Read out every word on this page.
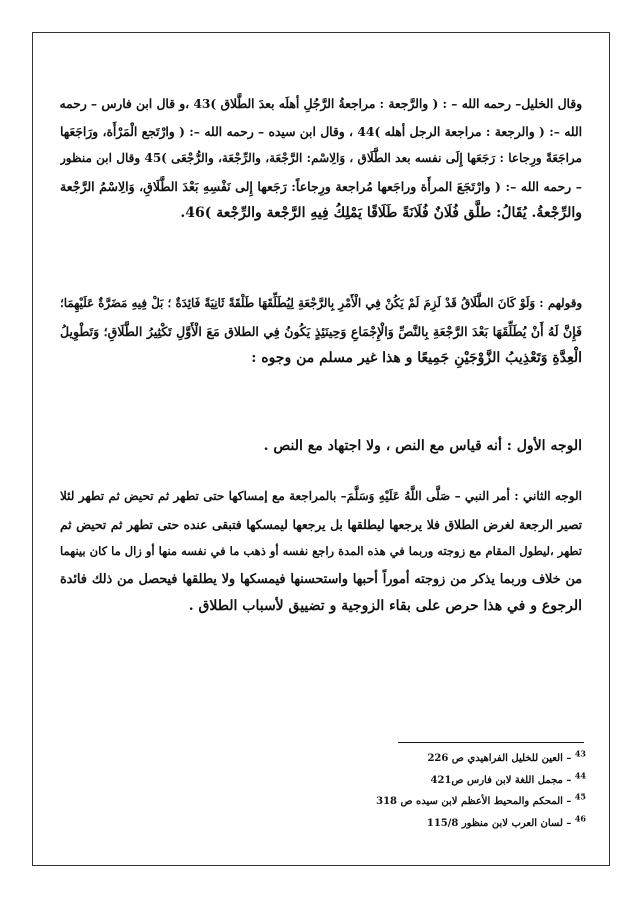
وقال الخليل– رحمه الله – : ( والرَّجعة : مراجعةُ الرَّجُلِ أهلَه بعدَ الطَّلاق )43 ،و قال ابن فارس – رحمه
الله –: ( والرجعة : مراجعة الرجل أهله )44 ، وقال ابن سيده – رحمه الله –: ( وارْتَجع الْمَرْأَة، ورَاجَعَها
مراجَعَةً ورِجاعا : رَجَعَها إِلَى نفسه بعد الطَّلَاق ، وَالِاسْم: الرَّجْعَة، والرِّجْعَة، والرُّجْعَى )45 وقال ابن منظور
– رحمه الله –: ( وارْتَجَعَ المرأَة وراجَعها مُراجعة ورِجاعاً: رَجَعها إِلى نَفْسِهِ بَعْدَ الطَّلَاقِ، وَالِاسْمُ الرَّجْعة
والرِّجْعةُ. يُقَالُ: طلَّق فُلَانٌ فُلَانَةً طَلَاقًا يَمْلِكُ فِيهِ الرَّجْعة والرِّجْعة )46.
وقولهم : وَلَوْ كَانَ الطَّلَاقُ قَدْ لَزِمَ لَمْ يَكُنْ فِي الْأَمْرِ بِالرَّجْعَةِ لِيُطَلِّقَهَا طَلْقَةً ثَانِيَةً فَائِدَةٌ ؛ بَلْ فِيهِ مَضَرَّةٌ عَلَيْهِمَا؛
فَإِنَّ لَهُ أَنْ يُطَلِّقَهَا بَعْدَ الرَّجْعَةِ بِالنَّصِّ وَالْإِجْمَاعِ وَحِينَئِذٍ يَكُونُ فِي الطلاق مَعَ الْأَوَّلِ تَكْثِيرُ الطَّلَاقِ؛ وَتَطْوِيلُ
الْعِدَّةِ وَتَعْذِيبُ الزَّوْجَيْنِ جَمِيعًا و هذا غير مسلم من وجوه :
الوجه الأول : أنه قياس مع النص ، ولا اجتهاد مع النص .
الوجه الثاني : أمر النبي – صَلَّى اللَّهُ عَلَيْهِ وَسَلَّمَ– بالمراجعة مع إمساكها حتى تطهر ثم تحيض ثم تطهر لئلا
تصير الرجعة لغرض الطلاق فلا يرجعها ليطلقها بل يرجعها ليمسكها فتبقى عنده حتى تطهر ثم تحيض ثم
تطهر ،ليطول المقام مع زوجته وربما في هذه المدة راجع نفسه أو ذهب ما في نفسه منها أو زال ما كان بينهما
من خلاف وربما يذكر من زوجته أموراً أحبها واستحسنها فيمسكها ولا يطلقها فيحصل من ذلك فائدة
الرجوع و في هذا حرص على بقاء الزوجية و تضييق لأسباب الطلاق .
$^{43}$ – العين للخليل الفراهيدي ص 226
$^{44}$ – مجمل اللغة لابن فارس ص421
$^{45}$ – المحكم والمحيط الأعظم لابن سيده ص 318
$^{46}$ – لسان العرب لابن منظور 115/8
